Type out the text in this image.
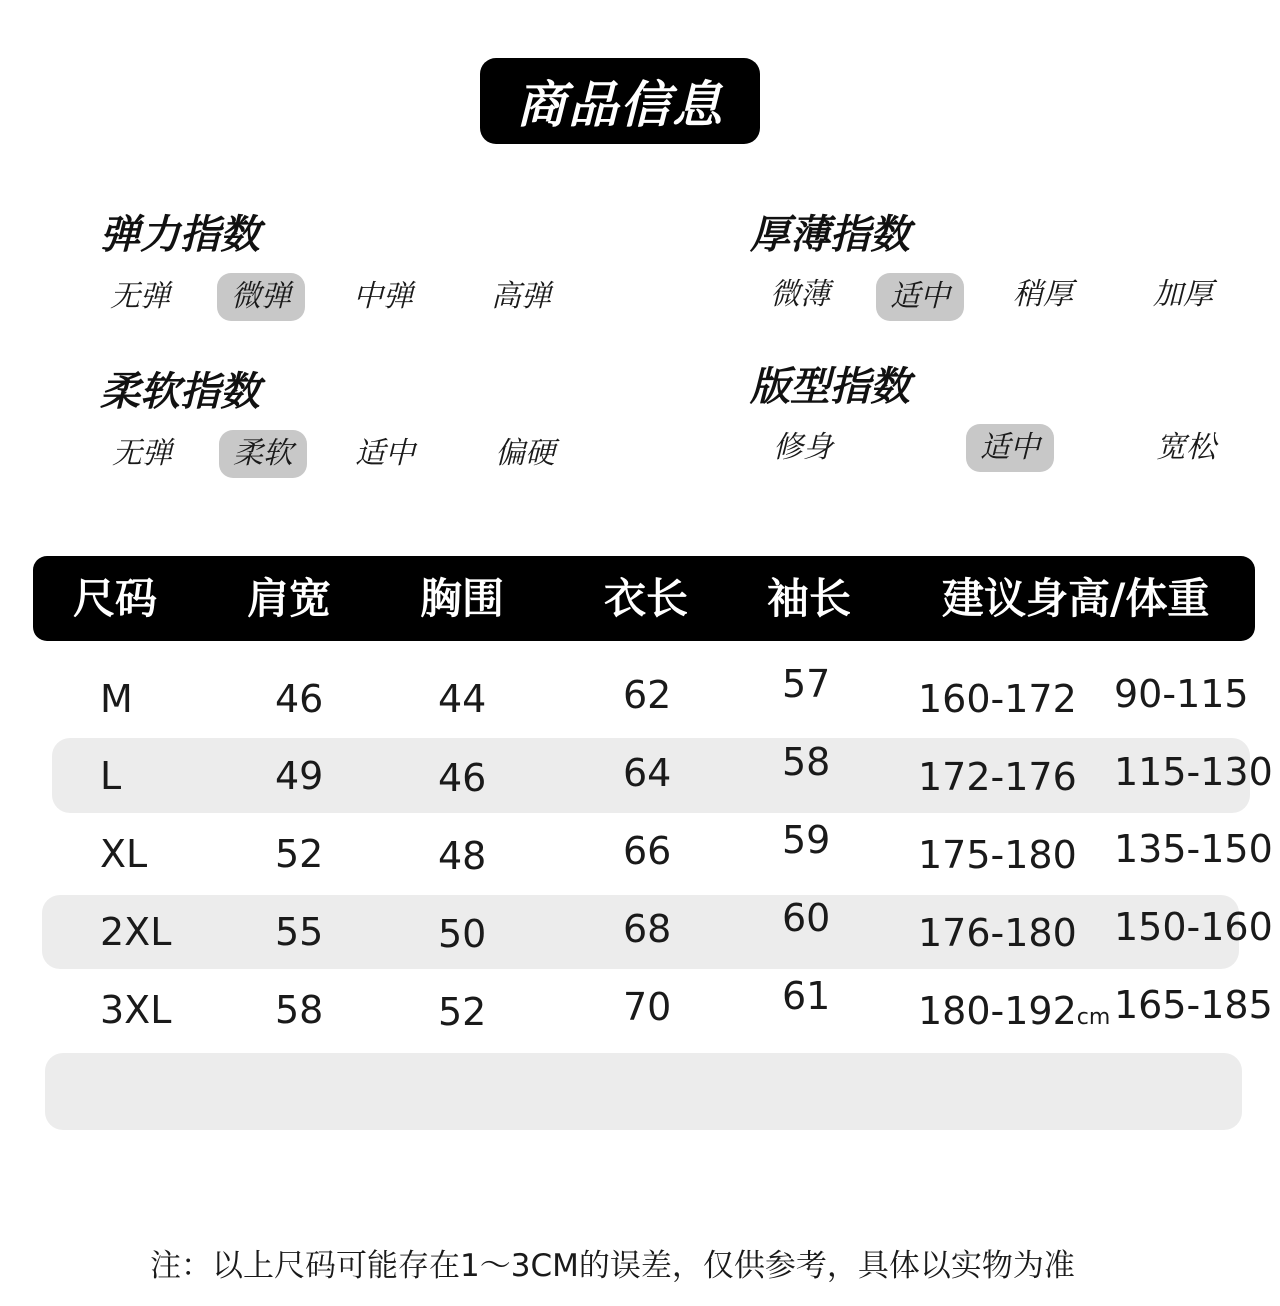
商品信息
弹力指数
无弹	微弹	中弹	高弹
厚薄指数
微薄	适中	稍厚	加厚
柔软指数
无弹	柔软	适中	偏硬
版型指数
修身	适中	宽松
尺码 肩宽 胸围 衣长 袖长 建议身高/体重
M	46	44	62	57 160-172 90-115
L	49	46	64	58 172-176 115-130
XL	52	48	66	59 175-180 135-150
2XL	55	50	68	60 176-180 150-160
3XL	58	52	70	61 180-192cm 165-185
注：以上尺码可能存在1～3CM的误差，仅供参考，具体以实物为准
